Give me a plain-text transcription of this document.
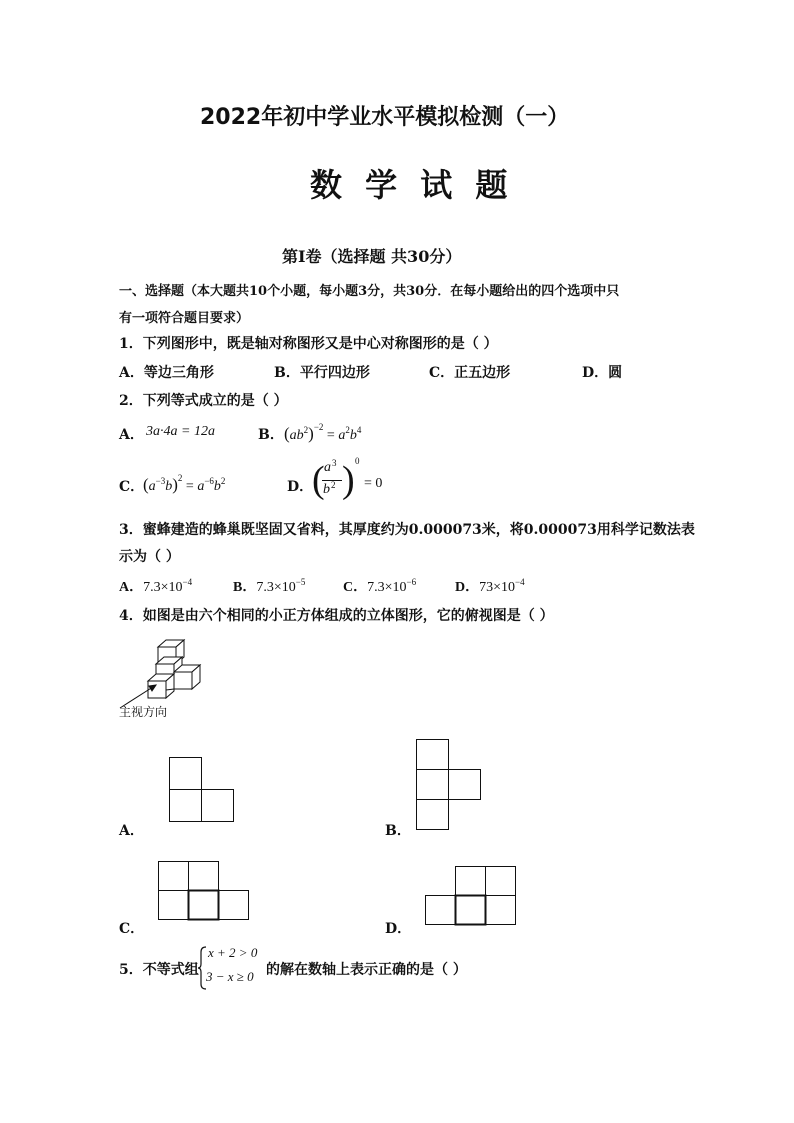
2022年初中学业水平模拟检测（一）
数 学 试 题
第Ⅰ卷（选择题 共30分）
一、选择题（本大题共10个小题，每小题3分，共30分．在每小题给出的四个选项中只
有一项符合题目要求）
1．下列图形中，既是轴对称图形又是中心对称图形的是（ ）
A．等边三角形	B．平行四边形	C．正五边形	D．圆
2．下列等式成立的是（ ）
A． 3a·4a = 12a	B． $(ab^2)^{-2} = a^2b^4$
C．
$(a^{-3}b)^2 = a^{-6}b^2$	D．
( a 3
b 2 ) 0
= 0
3．蜜蜂建造的蜂巢既坚固又省料，其厚度约为0.000073米，将0.000073用科学记数法表
示为（ ）
A．$7.3\times 10^{-4}$	B．$7.3\times 10^{-5}$	C．$7.3\times 10^{-6}$	D．$73\times 10^{-4}$
4．如图是由六个相同的小正方体组成的立体图形，它的俯视图是（ ）
主视方向
A．	B．
C．	D．
5．不等式组
x + 2 > 0
3 − x ≥ 0 的解在数轴上表示正确的是（ ）
